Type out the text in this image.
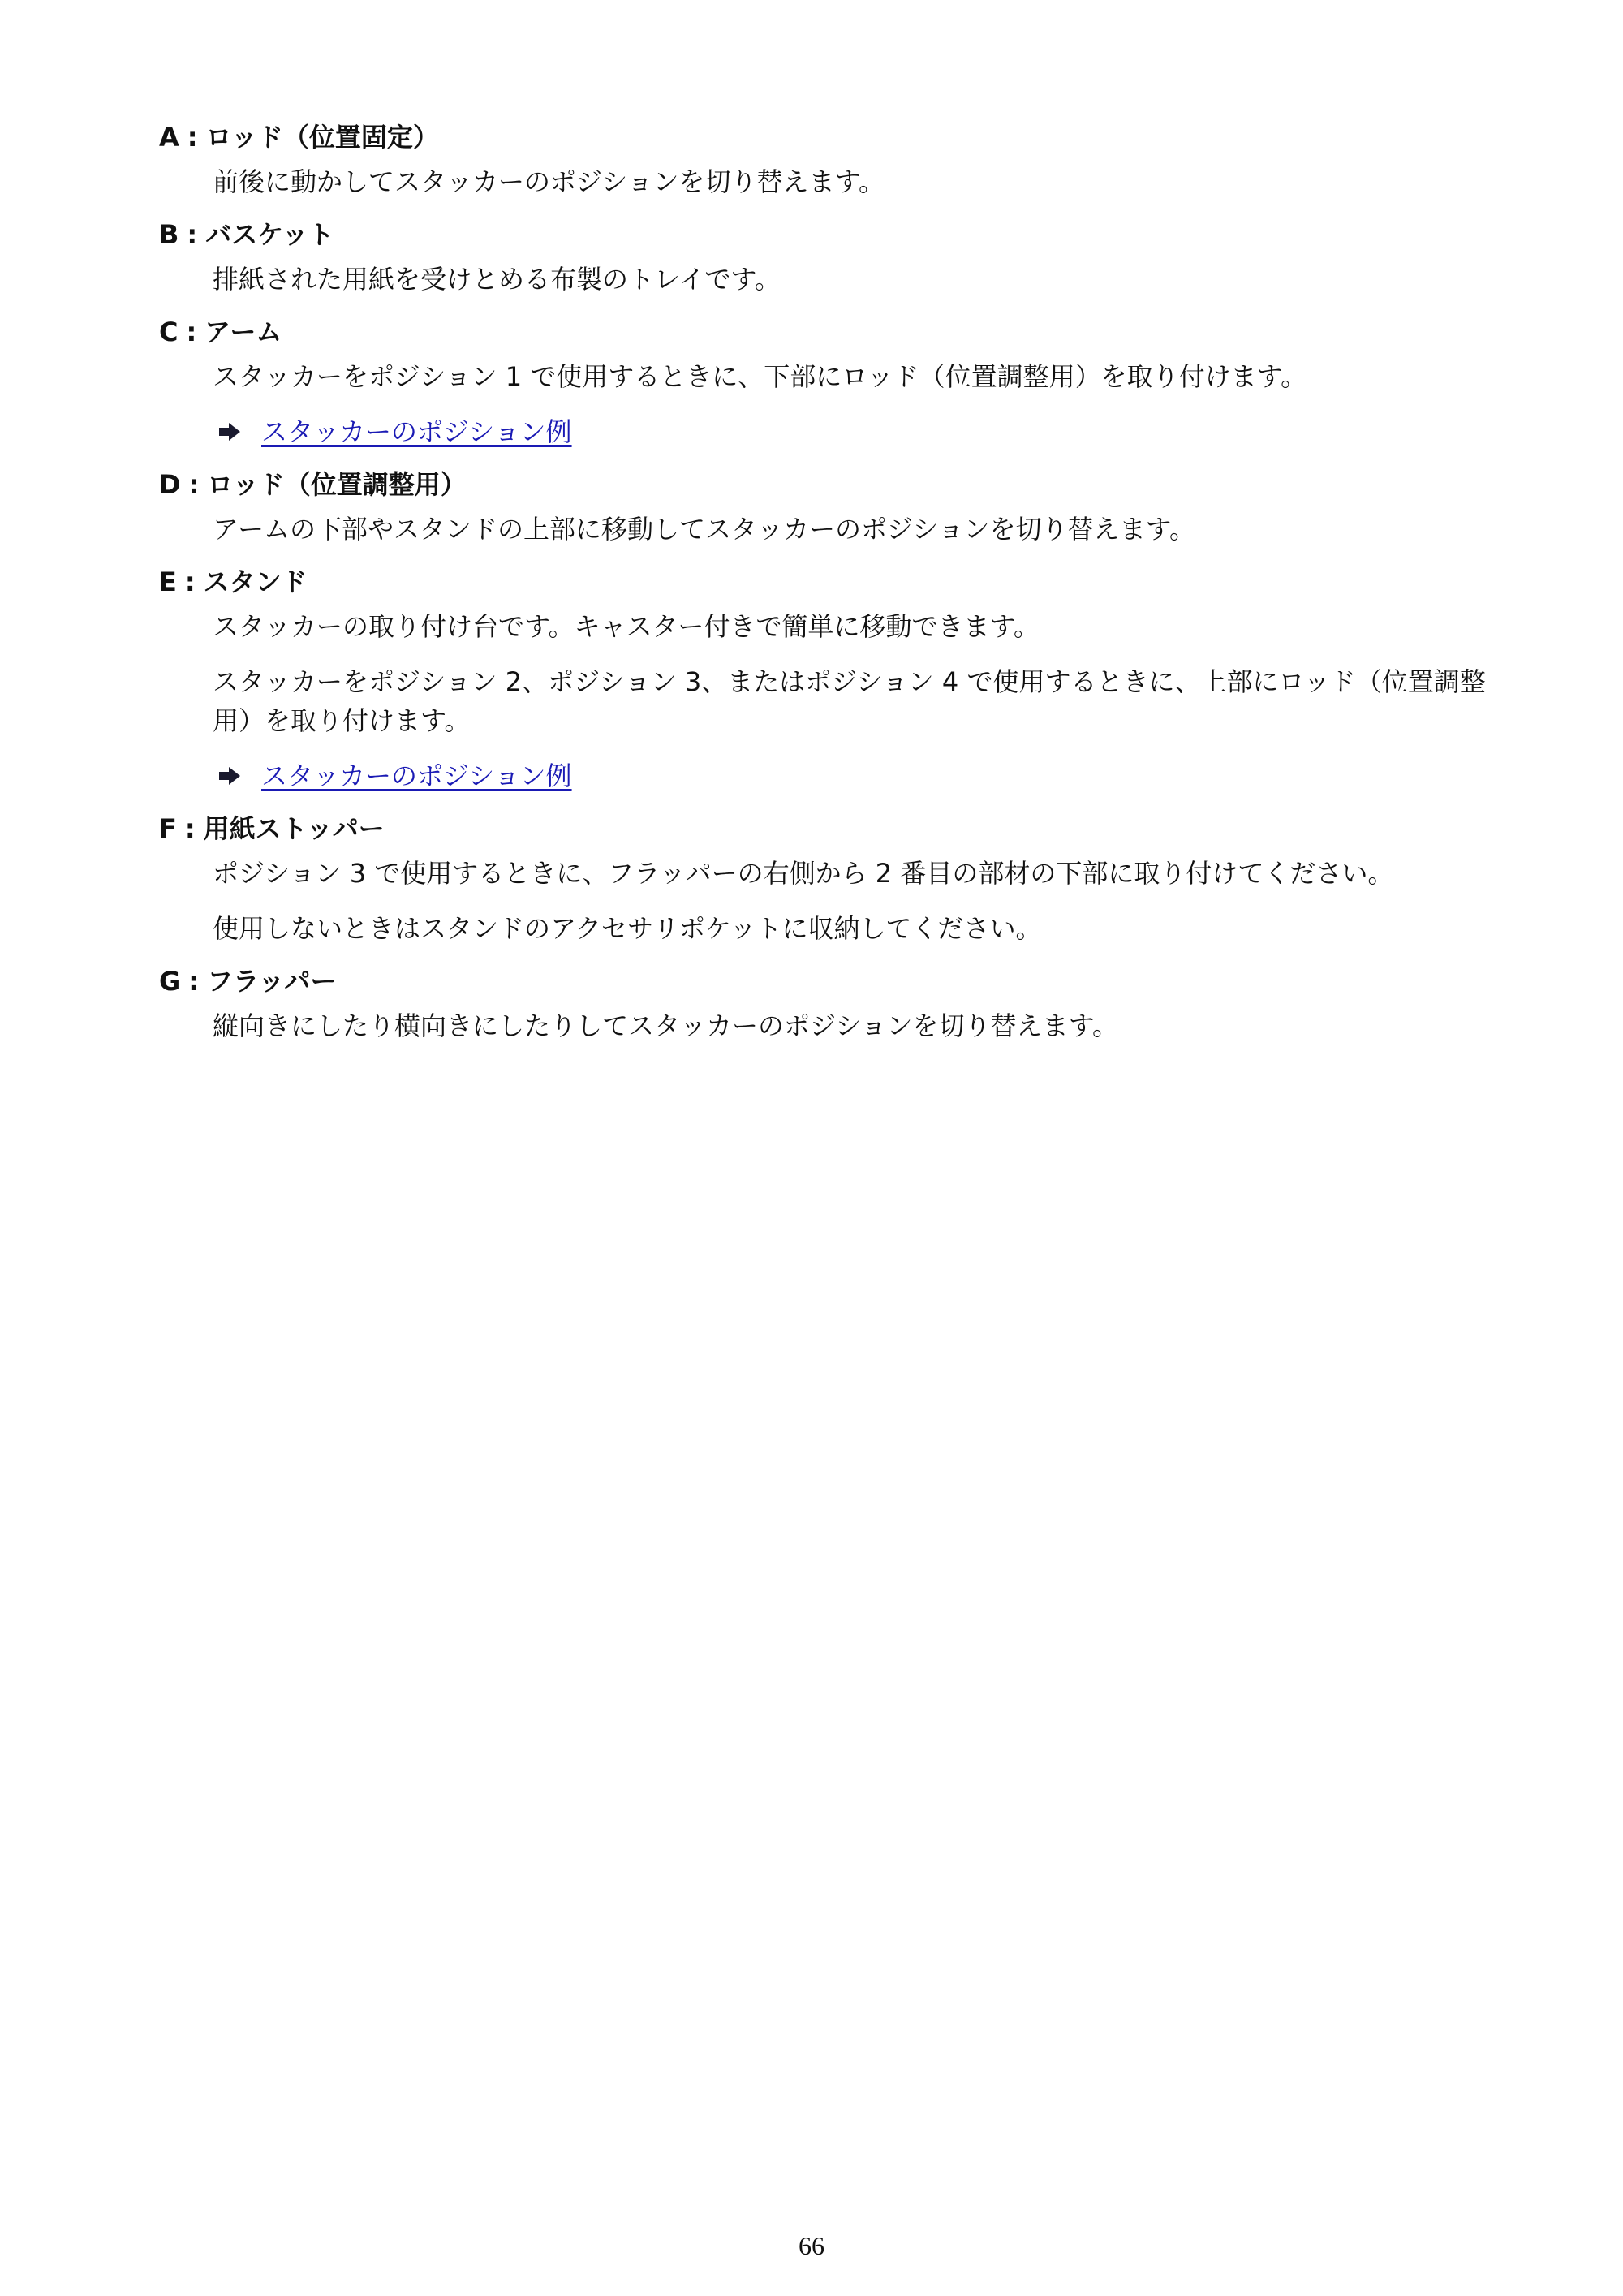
A : ロッド（位置固定）
前後に動かしてスタッカーのポジションを切り替えます。
B : バスケット
排紙された用紙を受けとめる布製のトレイです。
C : アーム
スタッカーをポジション 1 で使用するときに、下部にロッド（位置調整用）を取り付けます。
スタッカーのポジション例
D : ロッド（位置調整用）
アームの下部やスタンドの上部に移動してスタッカーのポジションを切り替えます。
E : スタンド
スタッカーの取り付け台です。キャスター付きで簡単に移動できます。
スタッカーをポジション 2、ポジション 3、またはポジション 4 で使用するときに、上部にロッド（位置調整用）を取り付けます。
スタッカーのポジション例
F : 用紙ストッパー
ポジション 3 で使用するときに、フラッパーの右側から 2 番目の部材の下部に取り付けてください。
使用しないときはスタンドのアクセサリポケットに収納してください。
G : フラッパー
縦向きにしたり横向きにしたりしてスタッカーのポジションを切り替えます。
66
